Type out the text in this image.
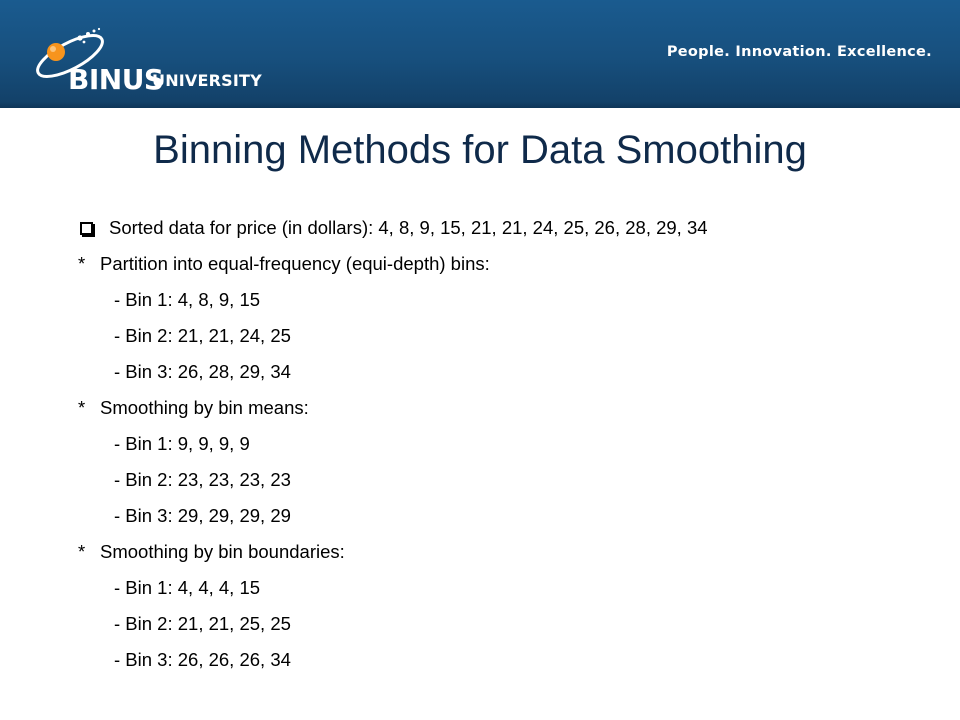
BINUS
UNIVERSITY
People. Innovation. Excellence.
Binning Methods for Data Smoothing
Sorted data for price (in dollars): 4, 8, 9, 15, 21, 21, 24, 25, 26, 28, 29, 34
* Partition into equal-frequency (equi-depth) bins:
- Bin 1: 4, 8, 9, 15
- Bin 2: 21, 21, 24, 25
- Bin 3: 26, 28, 29, 34
* Smoothing by bin means:
- Bin 1: 9, 9, 9, 9
- Bin 2: 23, 23, 23, 23
- Bin 3: 29, 29, 29, 29
* Smoothing by bin boundaries:
- Bin 1: 4, 4, 4, 15
- Bin 2: 21, 21, 25, 25
- Bin 3: 26, 26, 26, 34
